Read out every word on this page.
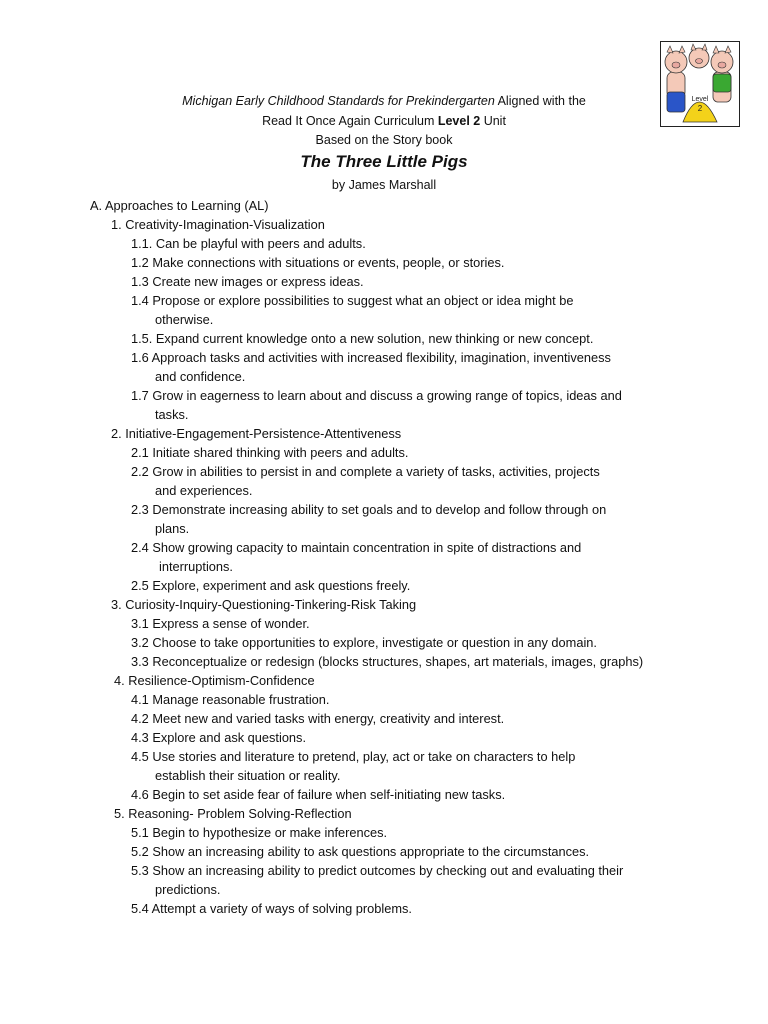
Level
2
Michigan Early Childhood Standards for Prekindergarten Aligned with the
Read It Once Again Curriculum Level 2 Unit
Based on the Story book
The Three Little Pigs
by James Marshall
A. Approaches to Learning (AL)
1. Creativity-Imagination-Visualization
1.1. Can be playful with peers and adults.
1.2 Make connections with situations or events, people, or stories.
1.3 Create new images or express ideas.
1.4 Propose or explore possibilities to suggest what an object or idea might be
otherwise.
1.5. Expand current knowledge onto a new solution, new thinking or new concept.
1.6 Approach tasks and activities with increased flexibility, imagination, inventiveness
and confidence.
1.7 Grow in eagerness to learn about and discuss a growing range of topics, ideas and
tasks.
2. Initiative-Engagement-Persistence-Attentiveness
2.1 Initiate shared thinking with peers and adults.
2.2 Grow in abilities to persist in and complete a variety of tasks, activities, projects
and experiences.
2.3 Demonstrate increasing ability to set goals and to develop and follow through on
plans.
2.4 Show growing capacity to maintain concentration in spite of distractions and
interruptions.
2.5 Explore, experiment and ask questions freely.
3. Curiosity-Inquiry-Questioning-Tinkering-Risk Taking
3.1 Express a sense of wonder.
3.2 Choose to take opportunities to explore, investigate or question in any domain.
3.3 Reconceptualize or redesign (blocks structures, shapes, art materials, images, graphs)
4. Resilience-Optimism-Confidence
4.1 Manage reasonable frustration.
4.2 Meet new and varied tasks with energy, creativity and interest.
4.3 Explore and ask questions.
4.5 Use stories and literature to pretend, play, act or take on characters to help
establish their situation or reality.
4.6 Begin to set aside fear of failure when self-initiating new tasks.
5. Reasoning- Problem Solving-Reflection
5.1 Begin to hypothesize or make inferences.
5.2 Show an increasing ability to ask questions appropriate to the circumstances.
5.3 Show an increasing ability to predict outcomes by checking out and evaluating their
predictions.
5.4 Attempt a variety of ways of solving problems.
